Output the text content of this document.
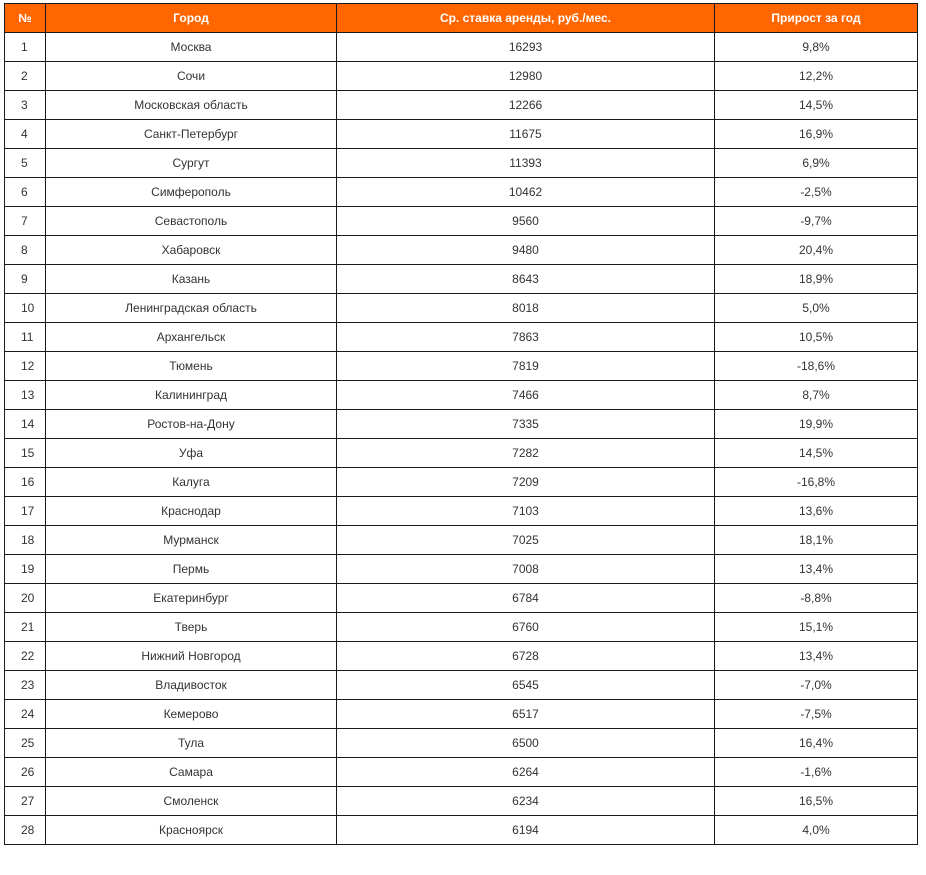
№	Город	Ср. ставка аренды, руб./мес.	Прирост за год
1	Москва	16293	9,8%
2	Сочи	12980	12,2%
3	Московская область	12266	14,5%
4	Санкт-Петербург	11675	16,9%
5	Сургут	11393	6,9%
6	Симферополь	10462	-2,5%
7	Севастополь	9560	-9,7%
8	Хабаровск	9480	20,4%
9	Казань	8643	18,9%
10	Ленинградская область	8018	5,0%
11	Архангельск	7863	10,5%
12	Тюмень	7819	-18,6%
13	Калининград	7466	8,7%
14	Ростов-на-Дону	7335	19,9%
15	Уфа	7282	14,5%
16	Калуга	7209	-16,8%
17	Краснодар	7103	13,6%
18	Мурманск	7025	18,1%
19	Пермь	7008	13,4%
20	Екатеринбург	6784	-8,8%
21	Тверь	6760	15,1%
22	Нижний Новгород	6728	13,4%
23	Владивосток	6545	-7,0%
24	Кемерово	6517	-7,5%
25	Тула	6500	16,4%
26	Самара	6264	-1,6%
27	Смоленск	6234	16,5%
28	Красноярск	6194	4,0%
